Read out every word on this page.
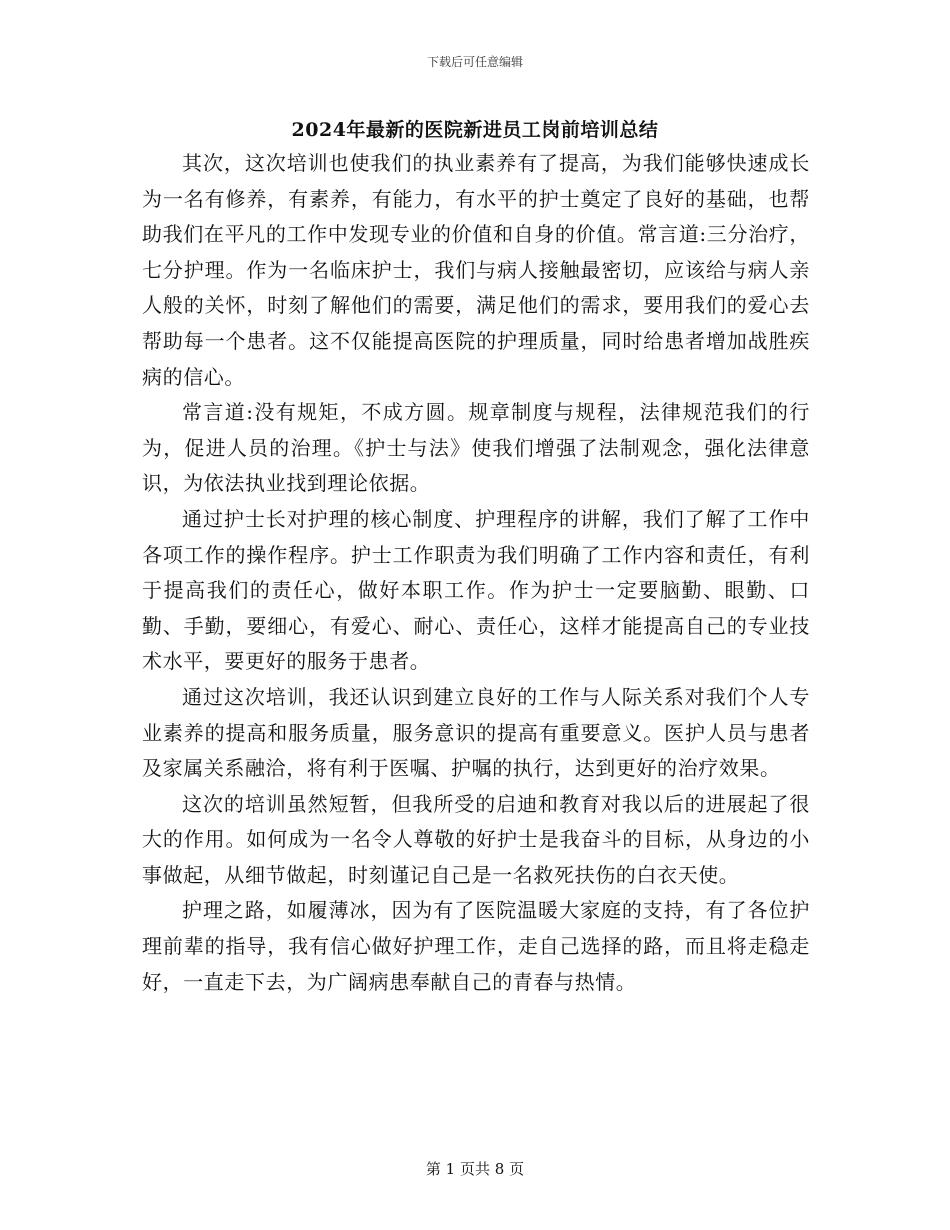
下载后可任意编辑
2024年最新的医院新进员工岗前培训总结

其次，这次培训也使我们的执业素养有了提高，为我们能够快速成长为一名有修养，有素养，有能力，有水平的护士奠定了良好的基础，也帮助我们在平凡的工作中发现专业的价值和自身的价值。常言道:三分治疗，七分护理。作为一名临床护士，我们与病人接触最密切，应该给与病人亲人般的关怀，时刻了解他们的需要，满足他们的需求，要用我们的爱心去帮助每一个患者。这不仅能提高医院的护理质量，同时给患者增加战胜疾病的信心。

常言道:没有规矩，不成方圆。规章制度与规程，法律规范我们的行为，促进人员的治理。《护士与法》使我们增强了法制观念，强化法律意识，为依法执业找到理论依据。

通过护士长对护理的核心制度、护理程序的讲解，我们了解了工作中各项工作的操作程序。护士工作职责为我们明确了工作内容和责任，有利于提高我们的责任心，做好本职工作。作为护士一定要脑勤、眼勤、口勤、手勤，要细心，有爱心、耐心、责任心，这样才能提高自己的专业技术水平，要更好的服务于患者。

通过这次培训，我还认识到建立良好的工作与人际关系对我们个人专业素养的提高和服务质量，服务意识的提高有重要意义。医护人员与患者及家属关系融洽，将有利于医嘱、护嘱的执行，达到更好的治疗效果。

这次的培训虽然短暂，但我所受的启迪和教育对我以后的进展起了很大的作用。如何成为一名令人尊敬的好护士是我奋斗的目标，从身边的小事做起，从细节做起，时刻谨记自己是一名救死扶伤的白衣天使。

护理之路，如履薄冰，因为有了医院温暖大家庭的支持，有了各位护理前辈的指导，我有信心做好护理工作，走自己选择的路，而且将走稳走好，一直走下去，为广阔病患奉献自己的青春与热情。

第 1 页共 8 页
